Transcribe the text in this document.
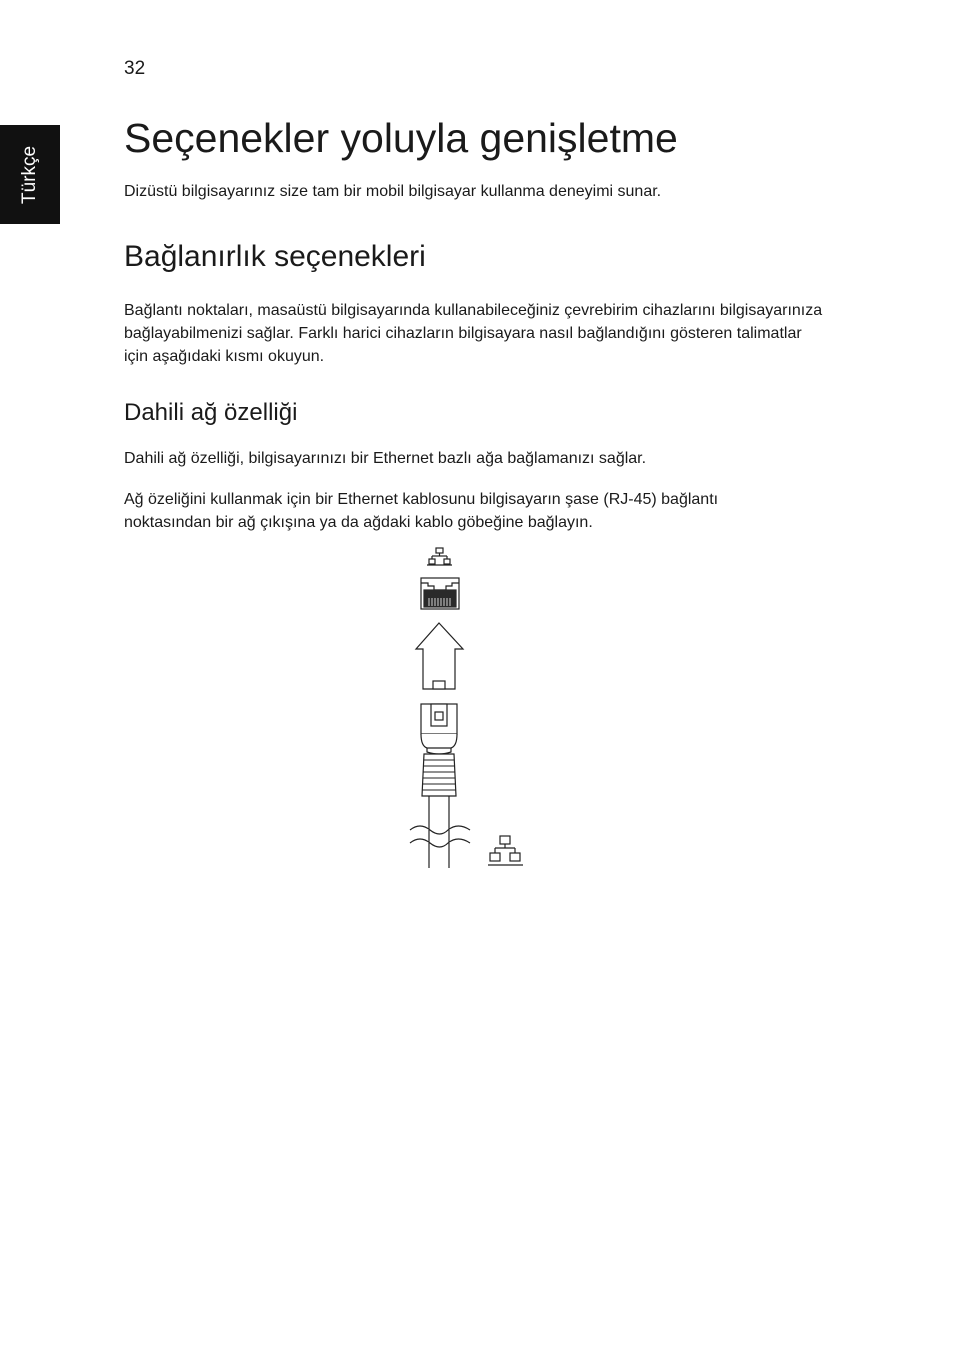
32
Türkçe
Seçenekler yoluyla genişletme

Dizüstü bilgisayarınız size tam bir mobil bilgisayar kullanma deneyimi sunar.

Bağlanırlık seçenekleri

Bağlantı noktaları, masaüstü bilgisayarında kullanabileceğiniz çevrebirim cihazlarını bilgisayarınıza bağlayabilmenizi sağlar. Farklı harici cihazların bilgisayara nasıl bağlandığını gösteren talimatlar için aşağıdaki kısmı okuyun.

Dahili ağ özelliği

Dahili ağ özelliği, bilgisayarınızı bir Ethernet bazlı ağa bağlamanızı sağlar.

Ağ özeliğini kullanmak için bir Ethernet kablosunu bilgisayarın şase (RJ-45) bağlantı noktasından bir ağ çıkışına ya da ağdaki kablo göbeğine bağlayın.
